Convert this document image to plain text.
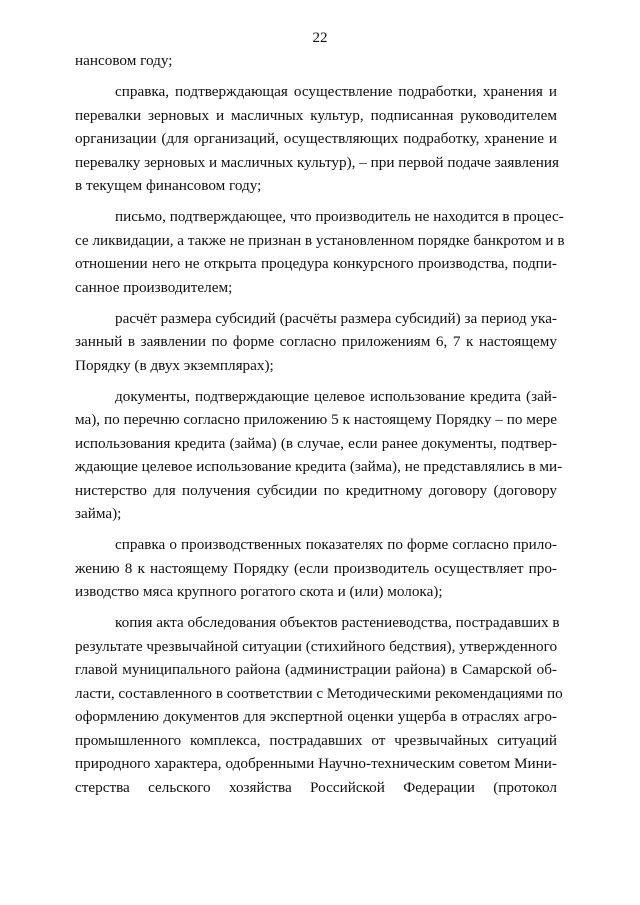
22
нансовом году;
справка, подтверждающая осуществление подработки, хранения и
перевалки зерновых и масличных культур, подписанная руководителем
организации (для организаций, осуществляющих подработку, хранение и
перевалку зерновых и масличных культур), – при первой подаче заявления
в текущем финансовом году;
письмо, подтверждающее, что производитель не находится в процес-
се ликвидации, а также не признан в установленном порядке банкротом и в
отношении него не открыта процедура конкурсного производства, подпи-
санное производителем;
расчёт размера субсидий (расчёты размера субсидий) за период ука-
занный в заявлении по форме согласно приложениям 6, 7 к настоящему
Порядку (в двух экземплярах);
документы, подтверждающие целевое использование кредита (зай-
ма), по перечню согласно приложению 5 к настоящему Порядку – по мере
использования кредита (займа) (в случае, если ранее документы, подтвер-
ждающие целевое использование кредита (займа), не представлялись в ми-
нистерство для получения субсидии по кредитному договору (договору
займа);
справка о производственных показателях по форме согласно прило-
жению 8 к настоящему Порядку (если производитель осуществляет про-
изводство мяса крупного рогатого скота и (или) молока);
копия акта обследования объектов растениеводства, пострадавших в
результате чрезвычайной ситуации (стихийного бедствия), утвержденного
главой муниципального района (администрации района) в Самарской об-
ласти, составленного в соответствии с Методическими рекомендациями по
оформлению документов для экспертной оценки ущерба в отраслях агро-
промышленного комплекса, пострадавших от чрезвычайных ситуаций
природного характера, одобренными Научно-техническим советом Мини-
стерства сельского хозяйства Российской Федерации (протокол
